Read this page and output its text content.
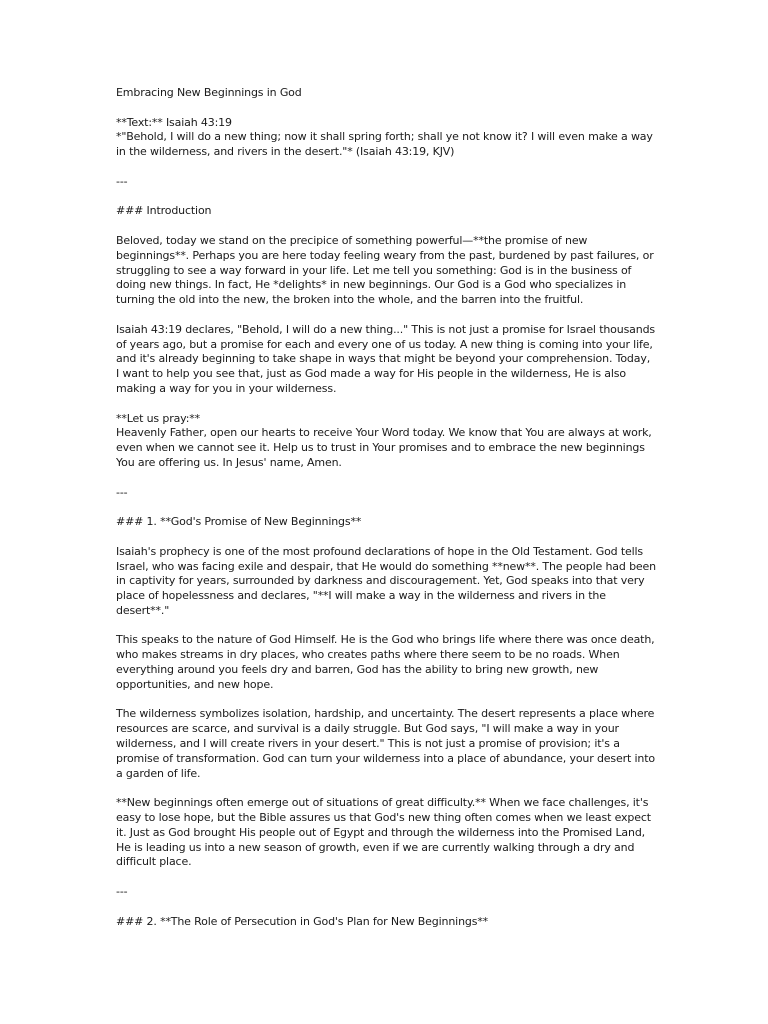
Embracing New Beginnings in God

**Text:** Isaiah 43:19

*"Behold, I will do a new thing; now it shall spring forth; shall ye not know it? I will even make a way in the wilderness, and rivers in the desert."* (Isaiah 43:19, KJV)

---

### Introduction

Beloved, today we stand on the precipice of something powerful—**the promise of new beginnings**. Perhaps you are here today feeling weary from the past, burdened by past failures, or struggling to see a way forward in your life. Let me tell you something: God is in the business of doing new things. In fact, He *delights* in new beginnings. Our God is a God who specializes in turning the old into the new, the broken into the whole, and the barren into the fruitful.

Isaiah 43:19 declares, "Behold, I will do a new thing..." This is not just a promise for Israel thousands of years ago, but a promise for each and every one of us today. A new thing is coming into your life, and it's already beginning to take shape in ways that might be beyond your comprehension. Today, I want to help you see that, just as God made a way for His people in the wilderness, He is also making a way for you in your wilderness.

**Let us pray:**

Heavenly Father, open our hearts to receive Your Word today. We know that You are always at work, even when we cannot see it. Help us to trust in Your promises and to embrace the new beginnings You are offering us. In Jesus' name, Amen.

---

### 1. **God's Promise of New Beginnings**

Isaiah's prophecy is one of the most profound declarations of hope in the Old Testament. God tells Israel, who was facing exile and despair, that He would do something **new**. The people had been in captivity for years, surrounded by darkness and discouragement. Yet, God speaks into that very place of hopelessness and declares, "**I will make a way in the wilderness and rivers in the desert**."

This speaks to the nature of God Himself. He is the God who brings life where there was once death, who makes streams in dry places, who creates paths where there seem to be no roads. When everything around you feels dry and barren, God has the ability to bring new growth, new opportunities, and new hope.

The wilderness symbolizes isolation, hardship, and uncertainty. The desert represents a place where resources are scarce, and survival is a daily struggle. But God says, "I will make a way in your wilderness, and I will create rivers in your desert." This is not just a promise of provision; it's a promise of transformation. God can turn your wilderness into a place of abundance, your desert into a garden of life.

**New beginnings often emerge out of situations of great difficulty.** When we face challenges, it's easy to lose hope, but the Bible assures us that God's new thing often comes when we least expect it. Just as God brought His people out of Egypt and through the wilderness into the Promised Land, He is leading us into a new season of growth, even if we are currently walking through a dry and difficult place.

---

### 2. **The Role of Persecution in God's Plan for New Beginnings**
